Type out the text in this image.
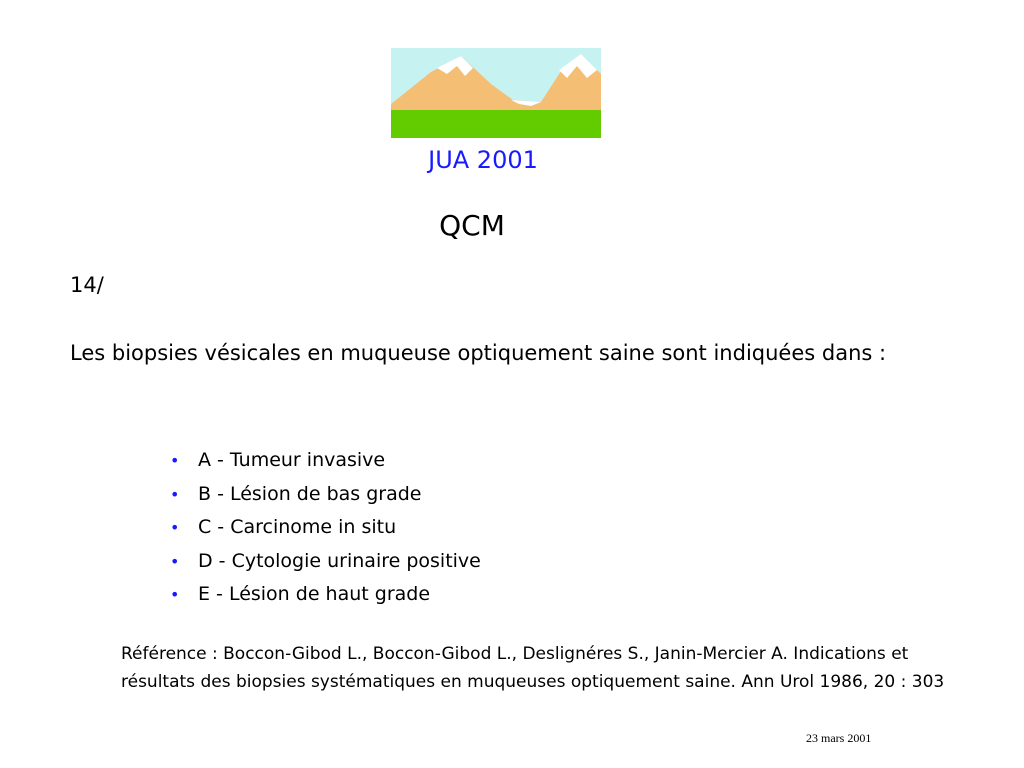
JUA 2001
QCM
14/
Les biopsies vésicales en muqueuse optiquement saine sont indiquées dans :
• A - Tumeur invasive
• B - Lésion de bas grade
• C - Carcinome in situ
• D - Cytologie urinaire positive
• E - Lésion de haut grade
Référence : Boccon-Gibod L., Boccon-Gibod L., Deslignéres S., Janin-Mercier A. Indications et résultats des biopsies systématiques en muqueuses optiquement saine. Ann Urol 1986, 20 : 303
23 mars 2001
